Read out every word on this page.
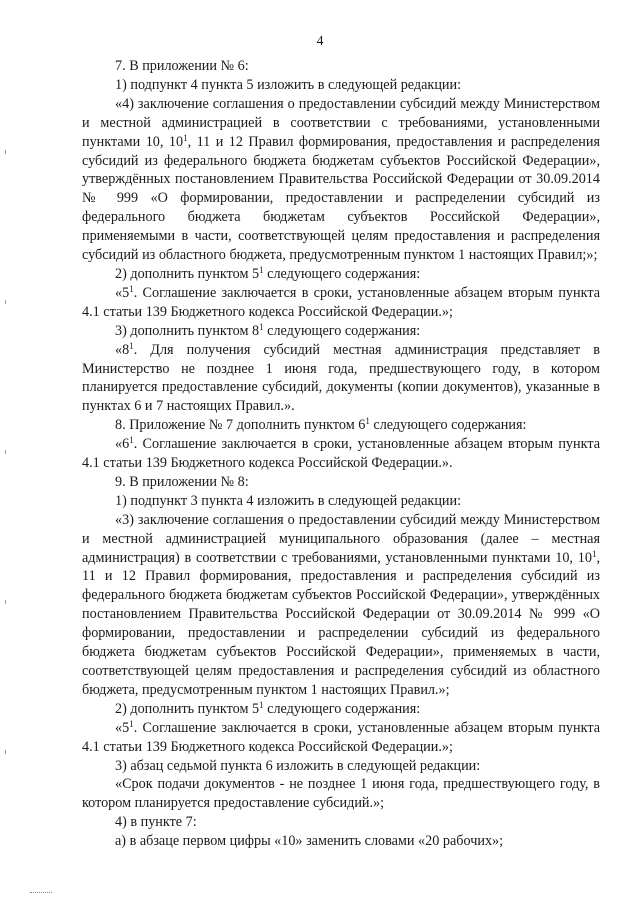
4

7. В приложении № 6:

1) подпункт 4 пункта 5 изложить в следующей редакции:

«4) заключение соглашения о предоставлении субсидий между Министерством и местной администрацией в соответствии с требованиями, установленными пунктами 10, $10^1$, 11 и 12 Правил формирования, предоставления и распределения субсидий из федерального бюджета бюджетам субъектов Российской Федерации», утверждённых постановлением Правительства Российской Федерации от 30.09.2014 № 999 «О формировании, предоставлении и распределении субсидий из федерального бюджета бюджетам субъектов Российской Федерации», применяемыми в части, соответствующей целям предоставления и распределения субсидий из областного бюджета, предусмотренным пунктом 1 настоящих Правил;»;

2) дополнить пунктом $5^1$ следующего содержания:

«$5^1$. Соглашение заключается в сроки, установленные абзацем вторым пункта 4.1 статьи 139 Бюджетного кодекса Российской Федерации.»;

3) дополнить пунктом $8^1$ следующего содержания:

«$8^1$. Для получения субсидий местная администрация представляет в Министерство не позднее 1 июня года, предшествующего году, в котором планируется предоставление субсидий, документы (копии документов), указанные в пунктах 6 и 7 настоящих Правил.».

8. Приложение № 7 дополнить пунктом $6^1$ следующего содержания:

«$6^1$. Соглашение заключается в сроки, установленные абзацем вторым пункта 4.1 статьи 139 Бюджетного кодекса Российской Федерации.».

9. В приложении № 8:

1) подпункт 3 пункта 4 изложить в следующей редакции:

«3) заключение соглашения о предоставлении субсидий между Министерством и местной администрацией муниципального образования (далее – местная администрация) в соответствии с требованиями, установленными пунктами 10, $10^1$, 11 и 12 Правил формирования, предоставления и распределения субсидий из федерального бюджета бюджетам субъектов Российской Федерации», утверждённых постановлением Правительства Российской Федерации от 30.09.2014 № 999 «О формировании, предоставлении и распределении субсидий из федерального бюджета бюджетам субъектов Российской Федерации», применяемых в части, соответствующей целям предоставления и распределения субсидий из областного бюджета, предусмотренным пунктом 1 настоящих Правил.»;

2) дополнить пунктом $5^1$ следующего содержания:

«$5^1$. Соглашение заключается в сроки, установленные абзацем вторым пункта 4.1 статьи 139 Бюджетного кодекса Российской Федерации.»;

3) абзац седьмой пункта 6 изложить в следующей редакции:

«Срок подачи документов - не позднее 1 июня года, предшествующего году, в котором планируется предоставление субсидий.»;

4) в пункте 7:

а) в абзаце первом цифры «10» заменить словами «20 рабочих»;
